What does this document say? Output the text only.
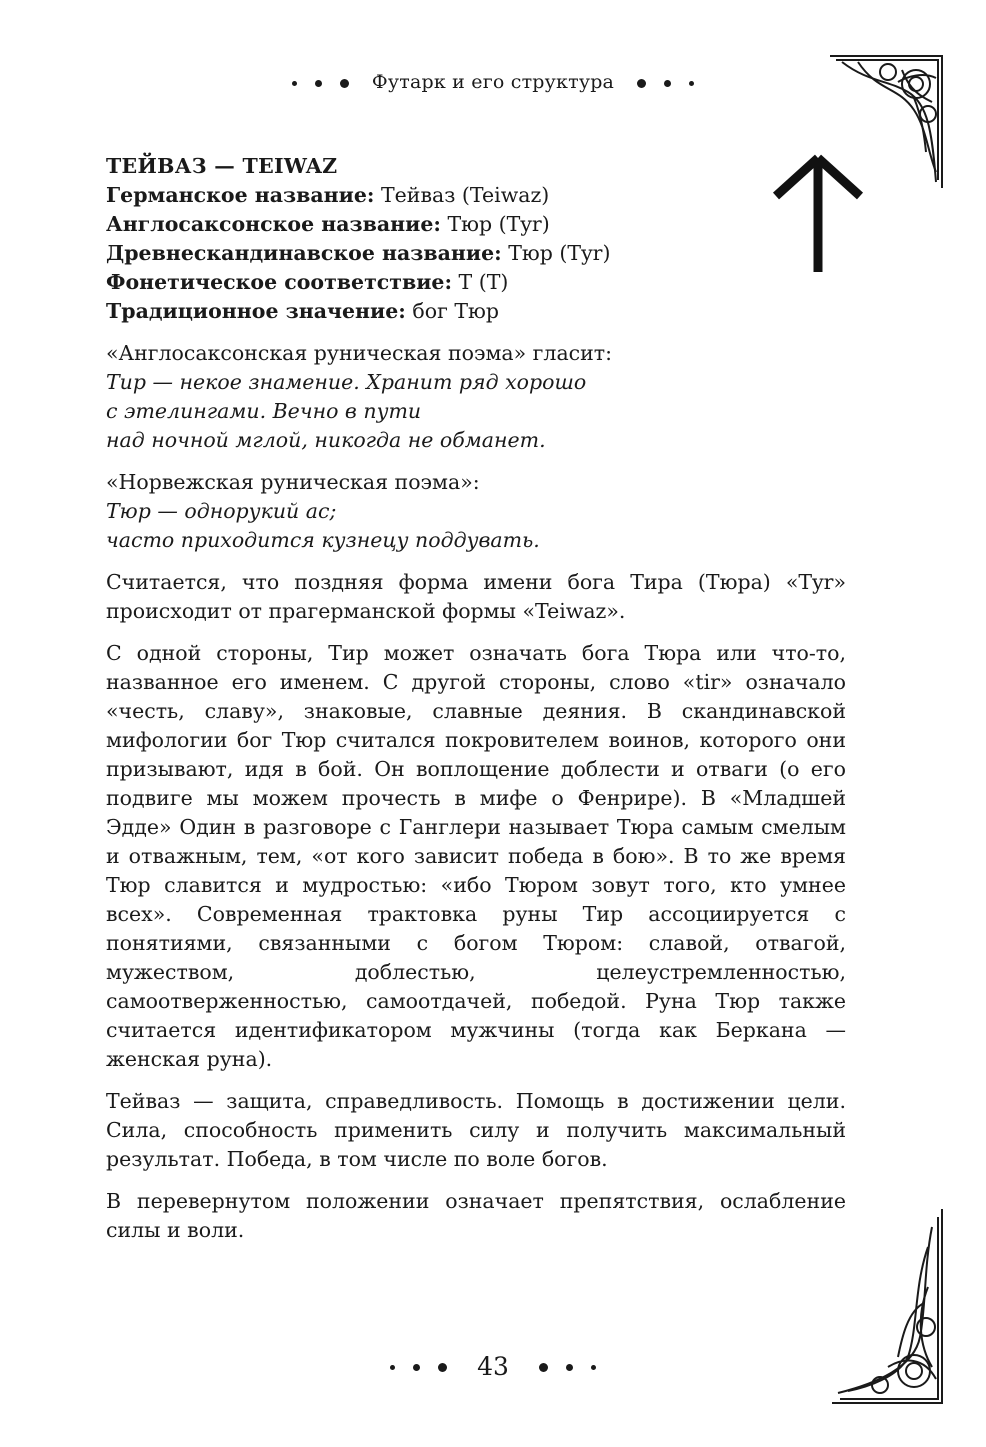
Футарк и его структура

ТЕЙВАЗ — TEIWAZ

Германское название: Тейваз (Teiwaz)

Англосаксонское название: Тюр (Tyr)

Древнескандинавское название: Тюр (Tyr)

Фонетическое соответствие: Т (T)

Традиционное значение: бог Тюр

«Англосаксонская руническая поэма» гласит:

Тир — некое знамение. Хранит ряд хорошо

с этелингами. Вечно в пути

над ночной мглой, никогда не обманет.

«Норвежская руническая поэма»:

Тюр — однорукий ас;

часто приходится кузнецу поддувать.

Считается, что поздняя форма имени бога Тира (Тюра) «Tyr» происходит от прагерманской формы «Teiwaz».

С одной стороны, Тир может означать бога Тюра или что-то, названное его именем. С другой стороны, слово «tir» означало «честь, славу», знаковые, славные деяния. В скандинавской мифологии бог Тюр считался покровителем воинов, которого они призывают, идя в бой. Он воплощение доблести и отваги (о его подвиге мы можем прочесть в мифе о Фенрире). В «Младшей Эдде» Один в разговоре с Ганглери называет Тюра самым смелым и отважным, тем, «от кого зависит победа в бою». В то же время Тюр славится и мудростью: «ибо Тюром зовут того, кто умнее всех». Современная трактовка руны Тир ассоциируется с понятиями, связанными с богом Тюром: славой, отвагой, мужеством, доблестью, целеустремленностью, самоотверженностью, самоотдачей, победой. Руна Тюр также считается идентификатором мужчины (тогда как Беркана — женская руна).

Тейваз — защита, справедливость. Помощь в достижении цели. Сила, способность применить силу и получить максимальный результат. Победа, в том числе по воле богов.

В перевернутом положении означает препятствия, ослабление силы и воли.

43
